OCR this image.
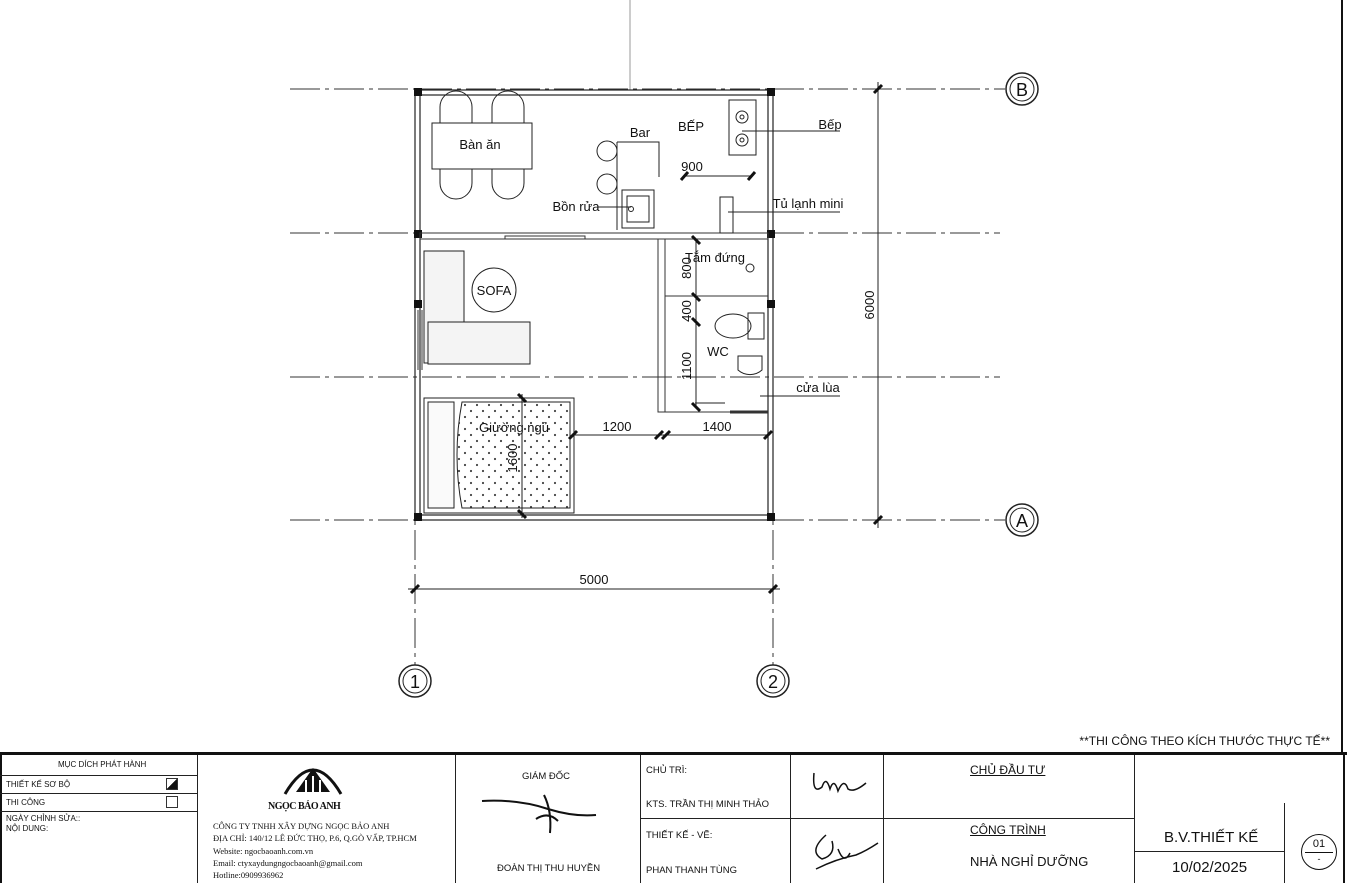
Bàn ăn
Bar BẾP
Bồn rửa
Bếp
Tủ lạnh mini
SOFA
Giường ngủ
Tắm đứng
WC
cửa lùa
6000
5000
900
800
400
1100
1600
1200	1400
B
A
1	2
**THI CÔNG THEO KÍCH THƯỚC THỰC TẾ**
MỤC DÍCH PHÁT HÀNH
THIẾT KẾ SƠ BỘ
THI CÔNG
NGÀY CHỈNH SỬA::
NỘI DUNG:
NGỌC BẢO ANH
CÔNG TY TNHH XÂY DỰNG NGỌC BẢO ANH
ĐỊA CHỈ: 140/12 LÊ ĐỨC THỌ, P.6, Q.GÒ VẤP, TP.HCM
Website: ngocbaoanh.com.vn
Email: ctyxaydungngocbaoanh@gmail.com
Hotline:0909936962
GIÁM ĐỐC
ĐOÀN THỊ THU HUYỀN
CHỦ TRÌ:
KTS. TRẦN THỊ MINH THẢO
THIẾT KẾ - VẼ:
PHAN THANH TÙNG
CHỦ ĐẦU TƯ
CÔNG TRÌNH
NHÀ NGHỈ DƯỠNG
B.V.THIẾT KẾ
10/02/2025
01
-
